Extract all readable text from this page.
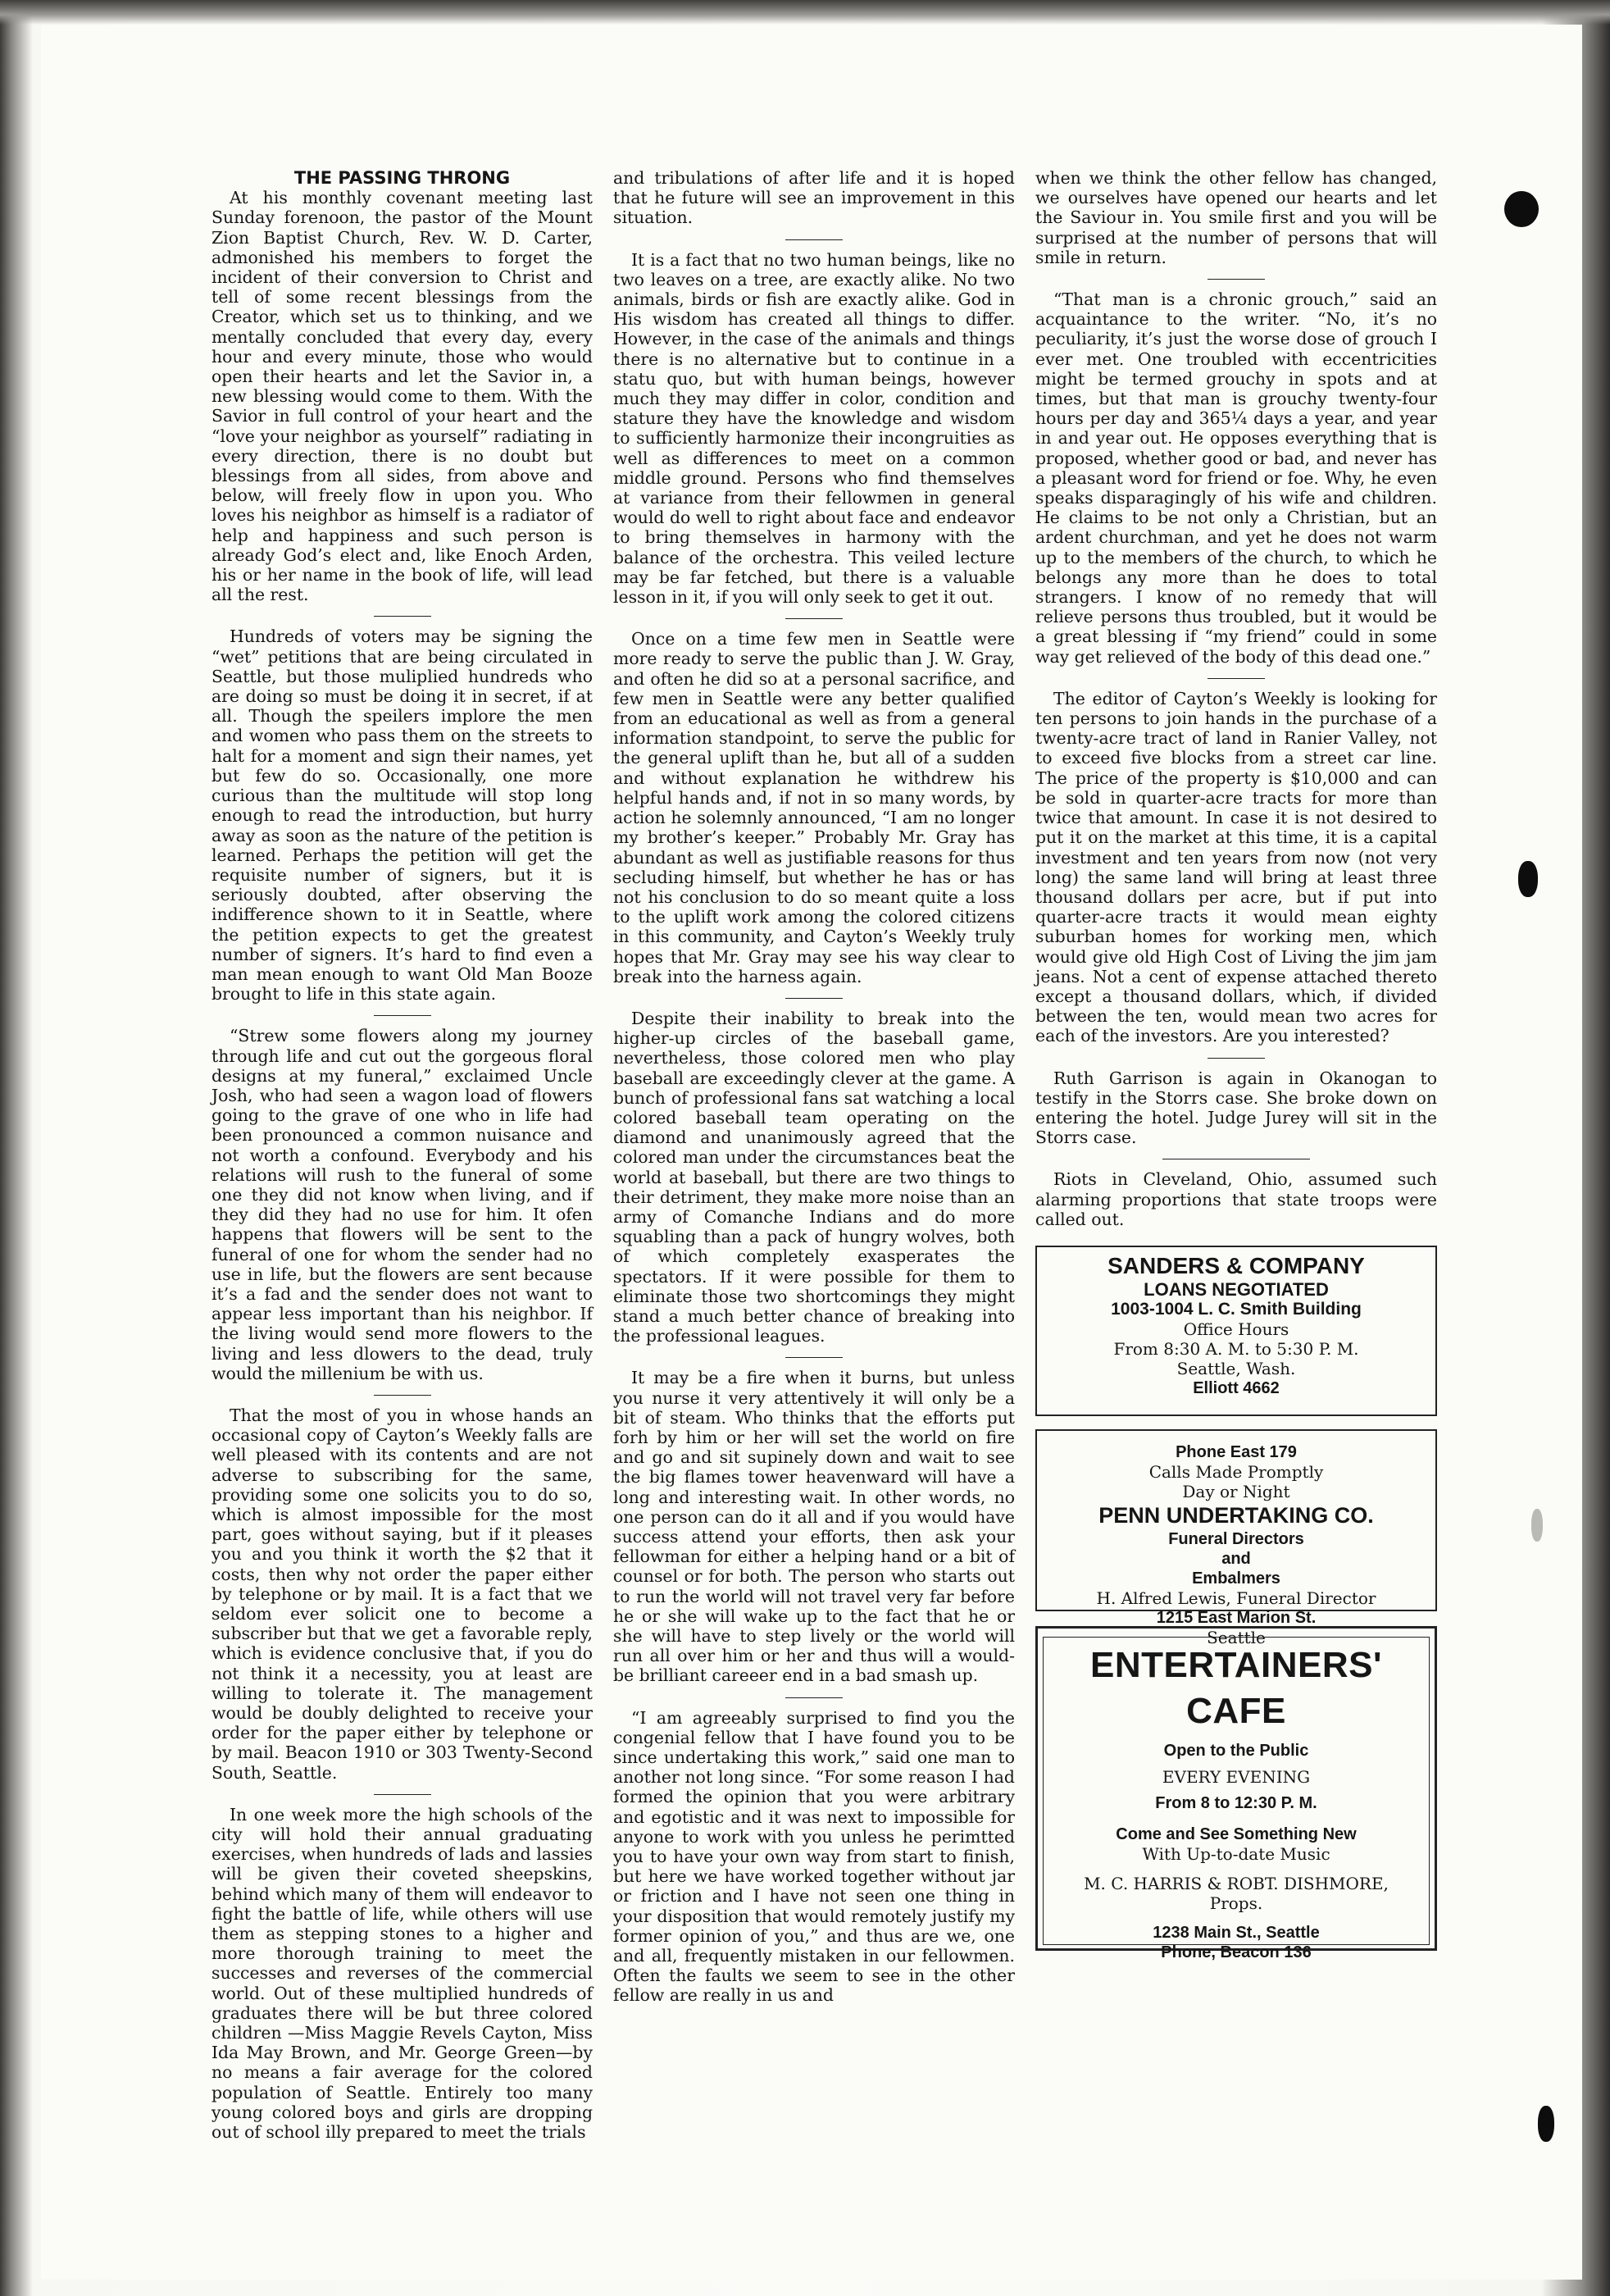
THE PASSING THRONG

At his monthly covenant meeting last Sunday forenoon, the pastor of the Mount Zion Baptist Church, Rev. W. D. Carter, admonished his members to forget the incident of their conversion to Christ and tell of some recent blessings from the Creator, which set us to thinking, and we mentally concluded that every day, every hour and every minute, those who would open their hearts and let the Savior in, a new blessing would come to them. With the Savior in full control of your heart and the “love your neighbor as yourself” radiating in every direction, there is no doubt but blessings from all sides, from above and below, will freely flow in upon you. Who loves his neighbor as himself is a radiator of help and happiness and such person is already God’s elect and, like Enoch Arden, his or her name in the book of life, will lead all the rest.

Hundreds of voters may be signing the “wet” petitions that are being circulated in Seattle, but those muliplied hundreds who are doing so must be doing it in secret, if at all. Though the speilers implore the men and women who pass them on the streets to halt for a moment and sign their names, yet but few do so. Occasionally, one more curious than the multitude will stop long enough to read the introduction, but hurry away as soon as the nature of the petition is learned. Perhaps the petition will get the requisite number of signers, but it is seriously doubted, after observing the indifference shown to it in Seattle, where the petition expects to get the greatest number of signers. It’s hard to find even a man mean enough to want Old Man Booze brought to life in this state again.

“Strew some flowers along my journey through life and cut out the gorgeous floral designs at my funeral,” exclaimed Uncle Josh, who had seen a wagon load of flowers going to the grave of one who in life had been pronounced a common nuisance and not worth a confound. Everybody and his relations will rush to the funeral of some one they did not know when living, and if they did they had no use for him. It ofen happens that flowers will be sent to the funeral of one for whom the sender had no use in life, but the flowers are sent because it’s a fad and the sender does not want to appear less important than his neighbor. If the living would send more flowers to the living and less dlowers to the dead, truly would the millenium be with us.

That the most of you in whose hands an occasional copy of Cayton’s Weekly falls are well pleased with its contents and are not adverse to subscribing for the same, providing some one solicits you to do so, which is almost impossible for the most part, goes without saying, but if it pleases you and you think it worth the $2 that it costs, then why not order the paper either by telephone or by mail. It is a fact that we seldom ever solicit one to become a subscriber but that we get a favorable reply, which is evidence conclusive that, if you do not think it a necessity, you at least are willing to tolerate it. The management would be doubly delighted to receive your order for the paper either by telephone or by mail. Beacon 1910 or 303 Twenty-Second South, Seattle.

In one week more the high schools of the city will hold their annual graduating exercises, when hundreds of lads and lassies will be given their coveted sheepskins, behind which many of them will endeavor to fight the battle of life, while others will use them as stepping stones to a higher and more thorough training to meet the successes and reverses of the commercial world. Out of these multiplied hundreds of graduates there will be but three colored children —Miss Maggie Revels Cayton, Miss Ida May Brown, and Mr. George Green—by no means a fair average for the colored population of Seattle. Entirely too many young colored boys and girls are dropping out of school illy prepared to meet the trials

and tribulations of after life and it is hoped that he future will see an improvement in this situation.

It is a fact that no two human beings, like no two leaves on a tree, are exactly alike. No two animals, birds or fish are exactly alike. God in His wisdom has created all things to differ. However, in the case of the animals and things there is no alternative but to continue in a statu quo, but with human beings, however much they may differ in color, condition and stature they have the knowledge and wisdom to sufficiently harmonize their incongruities as well as differences to meet on a common middle ground. Persons who find themselves at variance from their fellowmen in general would do well to right about face and endeavor to bring themselves in harmony with the balance of the orchestra. This veiled lecture may be far fetched, but there is a valuable lesson in it, if you will only seek to get it out.

Once on a time few men in Seattle were more ready to serve the public than J. W. Gray, and often he did so at a personal sacrifice, and few men in Seattle were any better qualified from an educational as well as from a general information standpoint, to serve the public for the general uplift than he, but all of a sudden and without explanation he withdrew his helpful hands and, if not in so many words, by action he solemnly announced, “I am no longer my brother’s keeper.” Probably Mr. Gray has abundant as well as justifiable reasons for thus secluding himself, but whether he has or has not his conclusion to do so meant quite a loss to the uplift work among the colored citizens in this community, and Cayton’s Weekly truly hopes that Mr. Gray may see his way clear to break into the harness again.

Despite their inability to break into the higher-up circles of the baseball game, nevertheless, those colored men who play baseball are exceedingly clever at the game. A bunch of professional fans sat watching a local colored baseball team operating on the diamond and unanimously agreed that the colored man under the circumstances beat the world at baseball, but there are two things to their detriment, they make more noise than an army of Comanche Indians and do more squabling than a pack of hungry wolves, both of which completely exasperates the spectators. If it were possible for them to eliminate those two shortcomings they might stand a much better chance of breaking into the professional leagues.

It may be a fire when it burns, but unless you nurse it very attentively it will only be a bit of steam. Who thinks that the efforts put forh by him or her will set the world on fire and go and sit supinely down and wait to see the big flames tower heavenward will have a long and interesting wait. In other words, no one person can do it all and if you would have success attend your efforts, then ask your fellowman for either a helping hand or a bit of counsel or for both. The person who starts out to run the world will not travel very far before he or she will wake up to the fact that he or she will have to step lively or the world will run all over him or her and thus will a would-be brilliant careeer end in a bad smash up.

“I am agreeably surprised to find you the congenial fellow that I have found you to be since undertaking this work,” said one man to another not long since. “For some reason I had formed the opinion that you were arbitrary and egotistic and it was next to impossible for anyone to work with you unless he perimtted you to have your own way from start to finish, but here we have worked together without jar or friction and I have not seen one thing in your disposition that would remotely justify my former opinion of you,” and thus are we, one and all, frequently mistaken in our fellowmen. Often the faults we seem to see in the other fellow are really in us and

when we think the other fellow has changed, we ourselves have opened our hearts and let the Saviour in. You smile first and you will be surprised at the number of persons that will smile in return.

“That man is a chronic grouch,” said an acquaintance to the writer. “No, it’s no peculiarity, it’s just the worse dose of grouch I ever met. One troubled with eccentricities might be termed grouchy in spots and at times, but that man is grouchy twenty-four hours per day and 365¼ days a year, and year in and year out. He opposes everything that is proposed, whether good or bad, and never has a pleasant word for friend or foe. Why, he even speaks disparagingly of his wife and children. He claims to be not only a Christian, but an ardent churchman, and yet he does not warm up to the members of the church, to which he belongs any more than he does to total strangers. I know of no remedy that will relieve persons thus troubled, but it would be a great blessing if “my friend” could in some way get relieved of the body of this dead one.”

The editor of Cayton’s Weekly is looking for ten persons to join hands in the purchase of a twenty-acre tract of land in Ranier Valley, not to exceed five blocks from a street car line. The price of the property is $10,000 and can be sold in quarter-acre tracts for more than twice that amount. In case it is not desired to put it on the market at this time, it is a capital investment and ten years from now (not very long) the same land will bring at least three thousand dollars per acre, but if put into quarter-acre tracts it would mean eighty suburban homes for working men, which would give old High Cost of Living the jim jam jeans. Not a cent of expense attached thereto except a thousand dollars, which, if divided between the ten, would mean two acres for each of the investors. Are you interested?

Ruth Garrison is again in Okanogan to testify in the Storrs case. She broke down on entering the hotel. Judge Jurey will sit in the Storrs case.

Riots in Cleveland, Ohio, assumed such alarming proportions that state troops were called out.

SANDERS & COMPANY
LOANS NEGOTIATED
1003-1004 L. C. Smith Building
Office Hours
From 8:30 A. M. to 5:30 P. M.
Seattle, Wash.
Elliott 4662
Phone East 179
Calls Made Promptly
Day or Night
PENN UNDERTAKING CO.
Funeral Directors
and
Embalmers
H. Alfred Lewis, Funeral Director
1215 East Marion St.
Seattle
ENTERTAINERS' CAFE
Open to the Public
EVERY EVENING
From 8 to 12:30 P. M.
Come and See Something New
With Up-to-date Music
M. C. HARRIS & ROBT. DISHMORE,
Props.
1238 Main St., Seattle
Phone, Beacon 136
